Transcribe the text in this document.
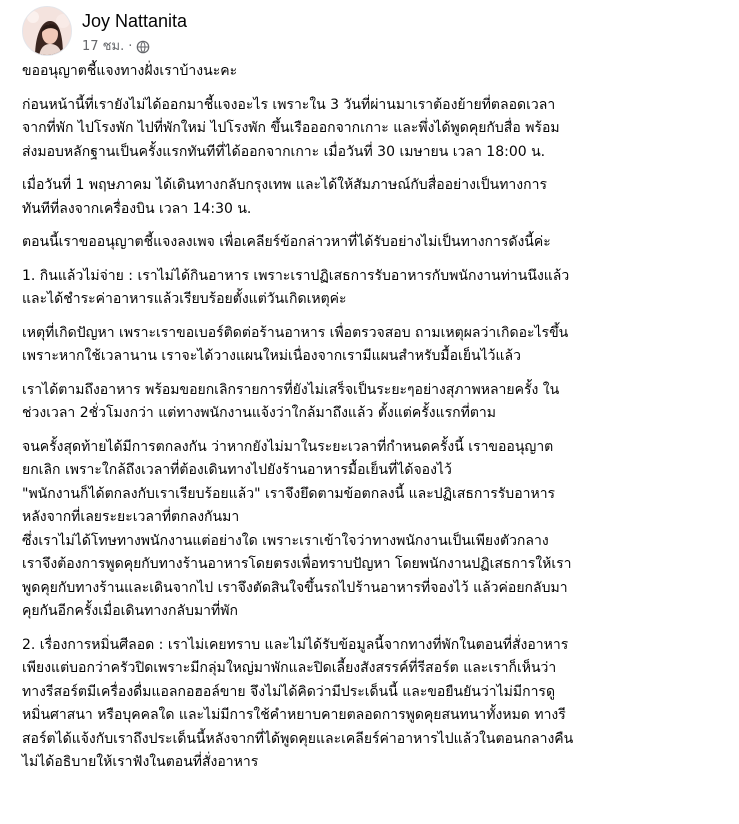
Joy Nattanita
17 ชม. ·

ขออนุญาตชี้แจงทางฝั่งเราบ้างนะคะ

ก่อนหน้านี้ที่เรายังไม่ได้ออกมาชี้แจงอะไร เพราะใน 3 วันที่ผ่านมาเราต้องย้ายที่ตลอดเวลา
จากที่พัก ไปโรงพัก ไปที่พักใหม่ ไปโรงพัก ขึ้นเรือออกจากเกาะ และพึ่งได้พูดคุยกับสื่อ พร้อม
ส่งมอบหลักฐานเป็นครั้งแรกทันทีที่ได้ออกจากเกาะ เมื่อวันที่ 30 เมษายน เวลา 18:00 น.

เมื่อวันที่ 1 พฤษภาคม ได้เดินทางกลับกรุงเทพ และได้ให้สัมภาษณ์กับสื่ออย่างเป็นทางการ
ทันทีที่ลงจากเครื่องบิน เวลา 14:30 น.

ตอนนี้เราขออนุญาตชี้แจงลงเพจ เพื่อเคลียร์ข้อกล่าวหาที่ได้รับอย่างไม่เป็นทางการดังนี้ค่ะ

1. กินแล้วไม่จ่าย : เราไม่ได้กินอาหาร เพราะเราปฏิเสธการรับอาหารกับพนักงานท่านนึงแล้ว
และได้ชำระค่าอาหารแล้วเรียบร้อยตั้งแต่วันเกิดเหตุค่ะ

เหตุที่เกิดปัญหา เพราะเราขอเบอร์ติดต่อร้านอาหาร เพื่อตรวจสอบ ถามเหตุผลว่าเกิดอะไรขึ้น
เพราะหากใช้เวลานาน เราจะได้วางแผนใหม่เนื่องจากเรามีแผนสำหรับมื้อเย็นไว้แล้ว

เราได้ตามถึงอาหาร พร้อมขอยกเลิกรายการที่ยังไม่เสร็จเป็นระยะๆอย่างสุภาพหลายครั้ง ใน
ช่วงเวลา 2ชั่วโมงกว่า แต่ทางพนักงานแจ้งว่าใกล้มาถึงแล้ว ตั้งแต่ครั้งแรกที่ตาม

จนครั้งสุดท้ายได้มีการตกลงกัน ว่าหากยังไม่มาในระยะเวลาที่กำหนดครั้งนี้ เราขออนุญาต
ยกเลิก เพราะใกล้ถึงเวลาที่ต้องเดินทางไปยังร้านอาหารมื้อเย็นที่ได้จองไว้
"พนักงานก็ได้ตกลงกับเราเรียบร้อยแล้ว" เราจึงยึดตามข้อตกลงนี้ และปฏิเสธการรับอาหาร
หลังจากที่เลยระยะเวลาที่ตกลงกันมา
ซึ่งเราไม่ได้โทษทางพนักงานแต่อย่างใด เพราะเราเข้าใจว่าทางพนักงานเป็นเพียงตัวกลาง
เราจึงต้องการพูดคุยกับทางร้านอาหารโดยตรงเพื่อทราบปัญหา โดยพนักงานปฏิเสธการให้เรา
พูดคุยกับทางร้านและเดินจากไป เราจึงตัดสินใจขึ้นรถไปร้านอาหารที่จองไว้ แล้วค่อยกลับมา
คุยกันอีกครั้งเมื่อเดินทางกลับมาที่พัก

2. เรื่องการหมิ่นศีลอด : เราไม่เคยทราบ และไม่ได้รับข้อมูลนี้จากทางที่พักในตอนที่สั่งอาหาร
เพียงแต่บอกว่าครัวปิดเพราะมีกลุ่มใหญ่มาพักและปิดเลี้ยงสังสรรค์ที่รีสอร์ต และเราก็เห็นว่า
ทางรีสอร์ตมีเครื่องดื่มแอลกอฮอล์ขาย จึงไม่ได้คิดว่ามีประเด็นนี้ และขอยืนยันว่าไม่มีการดู
หมิ่นศาสนา หรือบุคคลใด และไม่มีการใช้คำหยาบคายตลอดการพูดคุยสนทนาทั้งหมด ทางรี
สอร์ตได้แจ้งกับเราถึงประเด็นนี้หลังจากที่ได้พูดคุยและเคลียร์ค่าอาหารไปแล้วในตอนกลางคืน
ไม่ได้อธิบายให้เราฟังในตอนที่สั่งอาหาร
